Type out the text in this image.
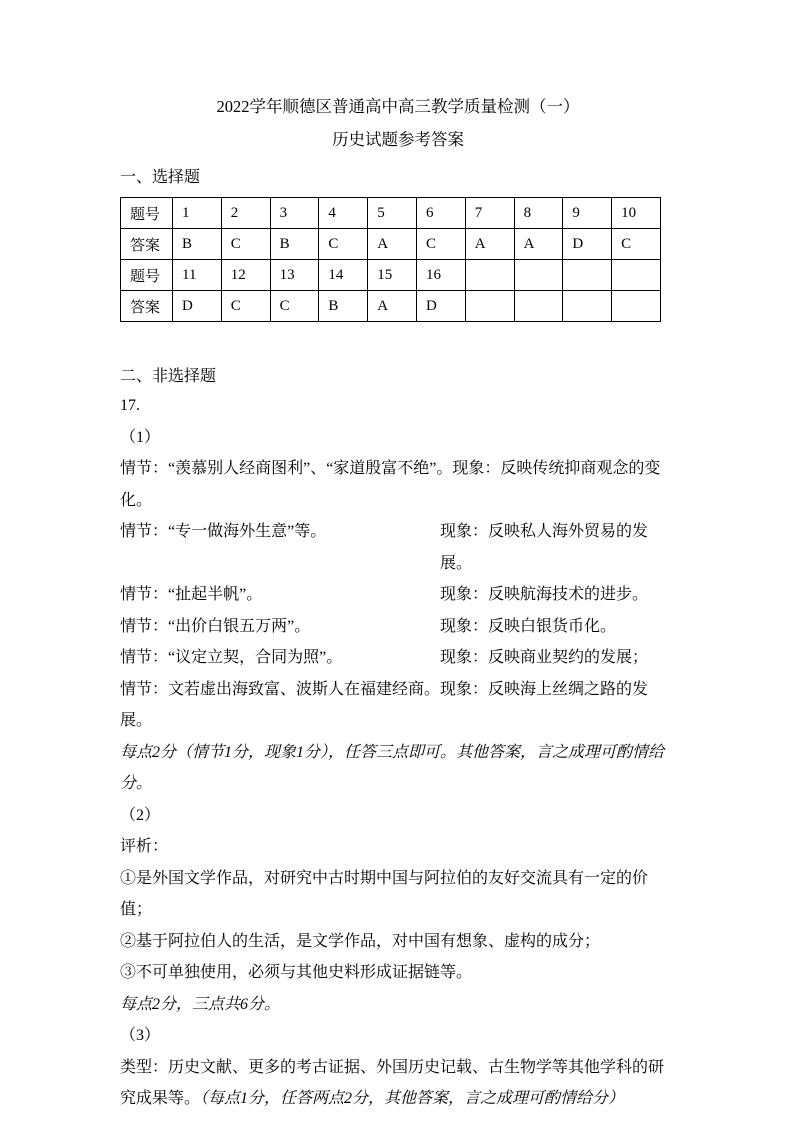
2022学年顺德区普通高中高三教学质量检测（一）
历史试题参考答案
一、选择题
题号	1	2	3	4	5	6	7	8	9	10
答案	B	C	B	C	A	C	A	A	D	C
题号	11	12	13	14	15	16				
答案	D	C	C	B	A	D				
二、非选择题
17.
（1）
情节：“羡慕别人经商图利”、“家道殷富不绝”。现象：反映传统抑商观念的变化。
情节：“专一做海外生意”等。	现象：反映私人海外贸易的发展。
情节：“扯起半帆”。	现象：反映航海技术的进步。
情节：“出价白银五万两”。	现象：反映白银货币化。
情节：“议定立契，合同为照”。	现象：反映商业契约的发展；
情节：文若虚出海致富、波斯人在福建经商。现象：反映海上丝绸之路的发展。
每点2分（情节1分，现象1分），任答三点即可。其他答案，言之成理可酌情给分。
（2）
评析：
①是外国文学作品，对研究中古时期中国与阿拉伯的友好交流具有一定的价值；
②基于阿拉伯人的生活，是文学作品，对中国有想象、虚构的成分；
③不可单独使用，必须与其他史料形成证据链等。
每点2分，三点共6分。
（3）
类型：历史文献、更多的考古证据、外国历史记载、古生物学等其他学科的研究成果等。（每点1分，任答两点2分，其他答案，言之成理可酌情给分）
